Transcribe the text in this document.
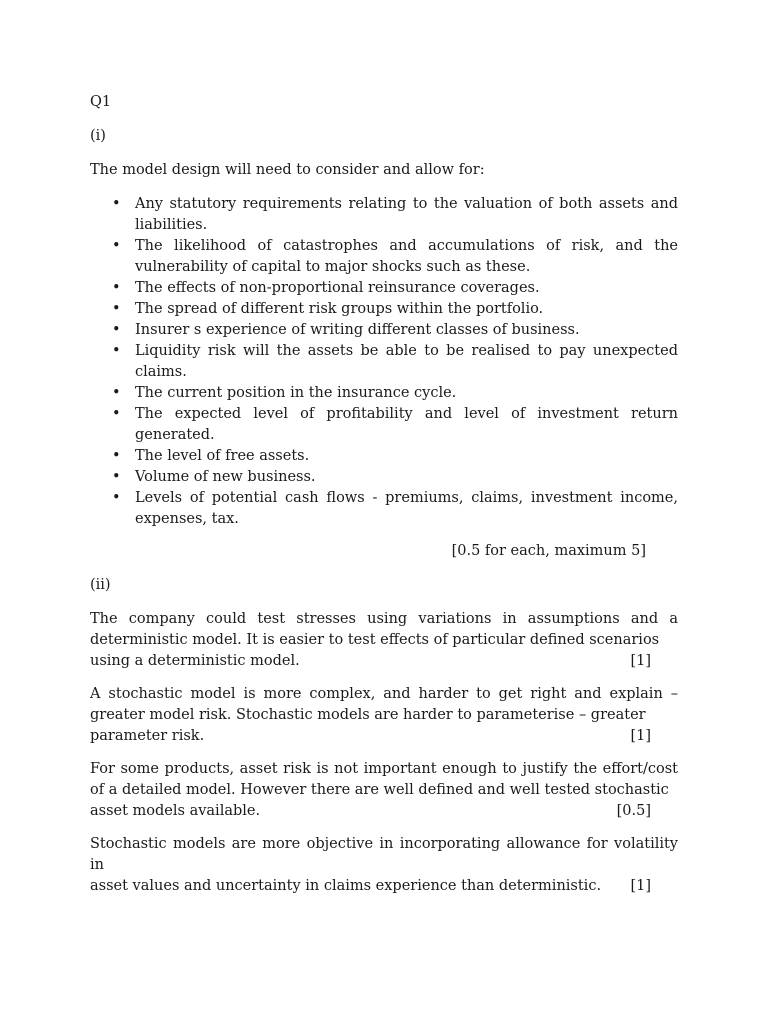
Q1

(i)

The model design will need to consider and allow for:

• Any statutory requirements relating to the valuation of both assets and liabilities.
• The likelihood of catastrophes and accumulations of risk, and the vulnerability of capital to major shocks such as these.
• The effects of non-proportional reinsurance coverages.
• The spread of different risk groups within the portfolio.
• Insurer s experience of writing different classes of business.
• Liquidity risk will the assets be able to be realised to pay unexpected claims.
• The current position in the insurance cycle.
• The expected level of profitability and level of investment return generated.
• The level of free assets.
• Volume of new business.
• Levels of potential cash flows - premiums, claims, investment income, expenses, tax.

[0.5 for each, maximum 5]

(ii)

The company could test stresses using variations in assumptions and a deterministic model. It is easier to test effects of particular defined scenarios
using a deterministic model.	[1]
A stochastic model is more complex, and harder to get right and explain – greater model risk. Stochastic models are harder to parameterise – greater
parameter risk.	[1]
For some products, asset risk is not important enough to justify the effort/cost of a detailed model. However there are well defined and well tested stochastic
asset models available.	[0.5]
Stochastic models are more objective in incorporating allowance for volatility in
asset values and uncertainty in claims experience than deterministic. [1]
